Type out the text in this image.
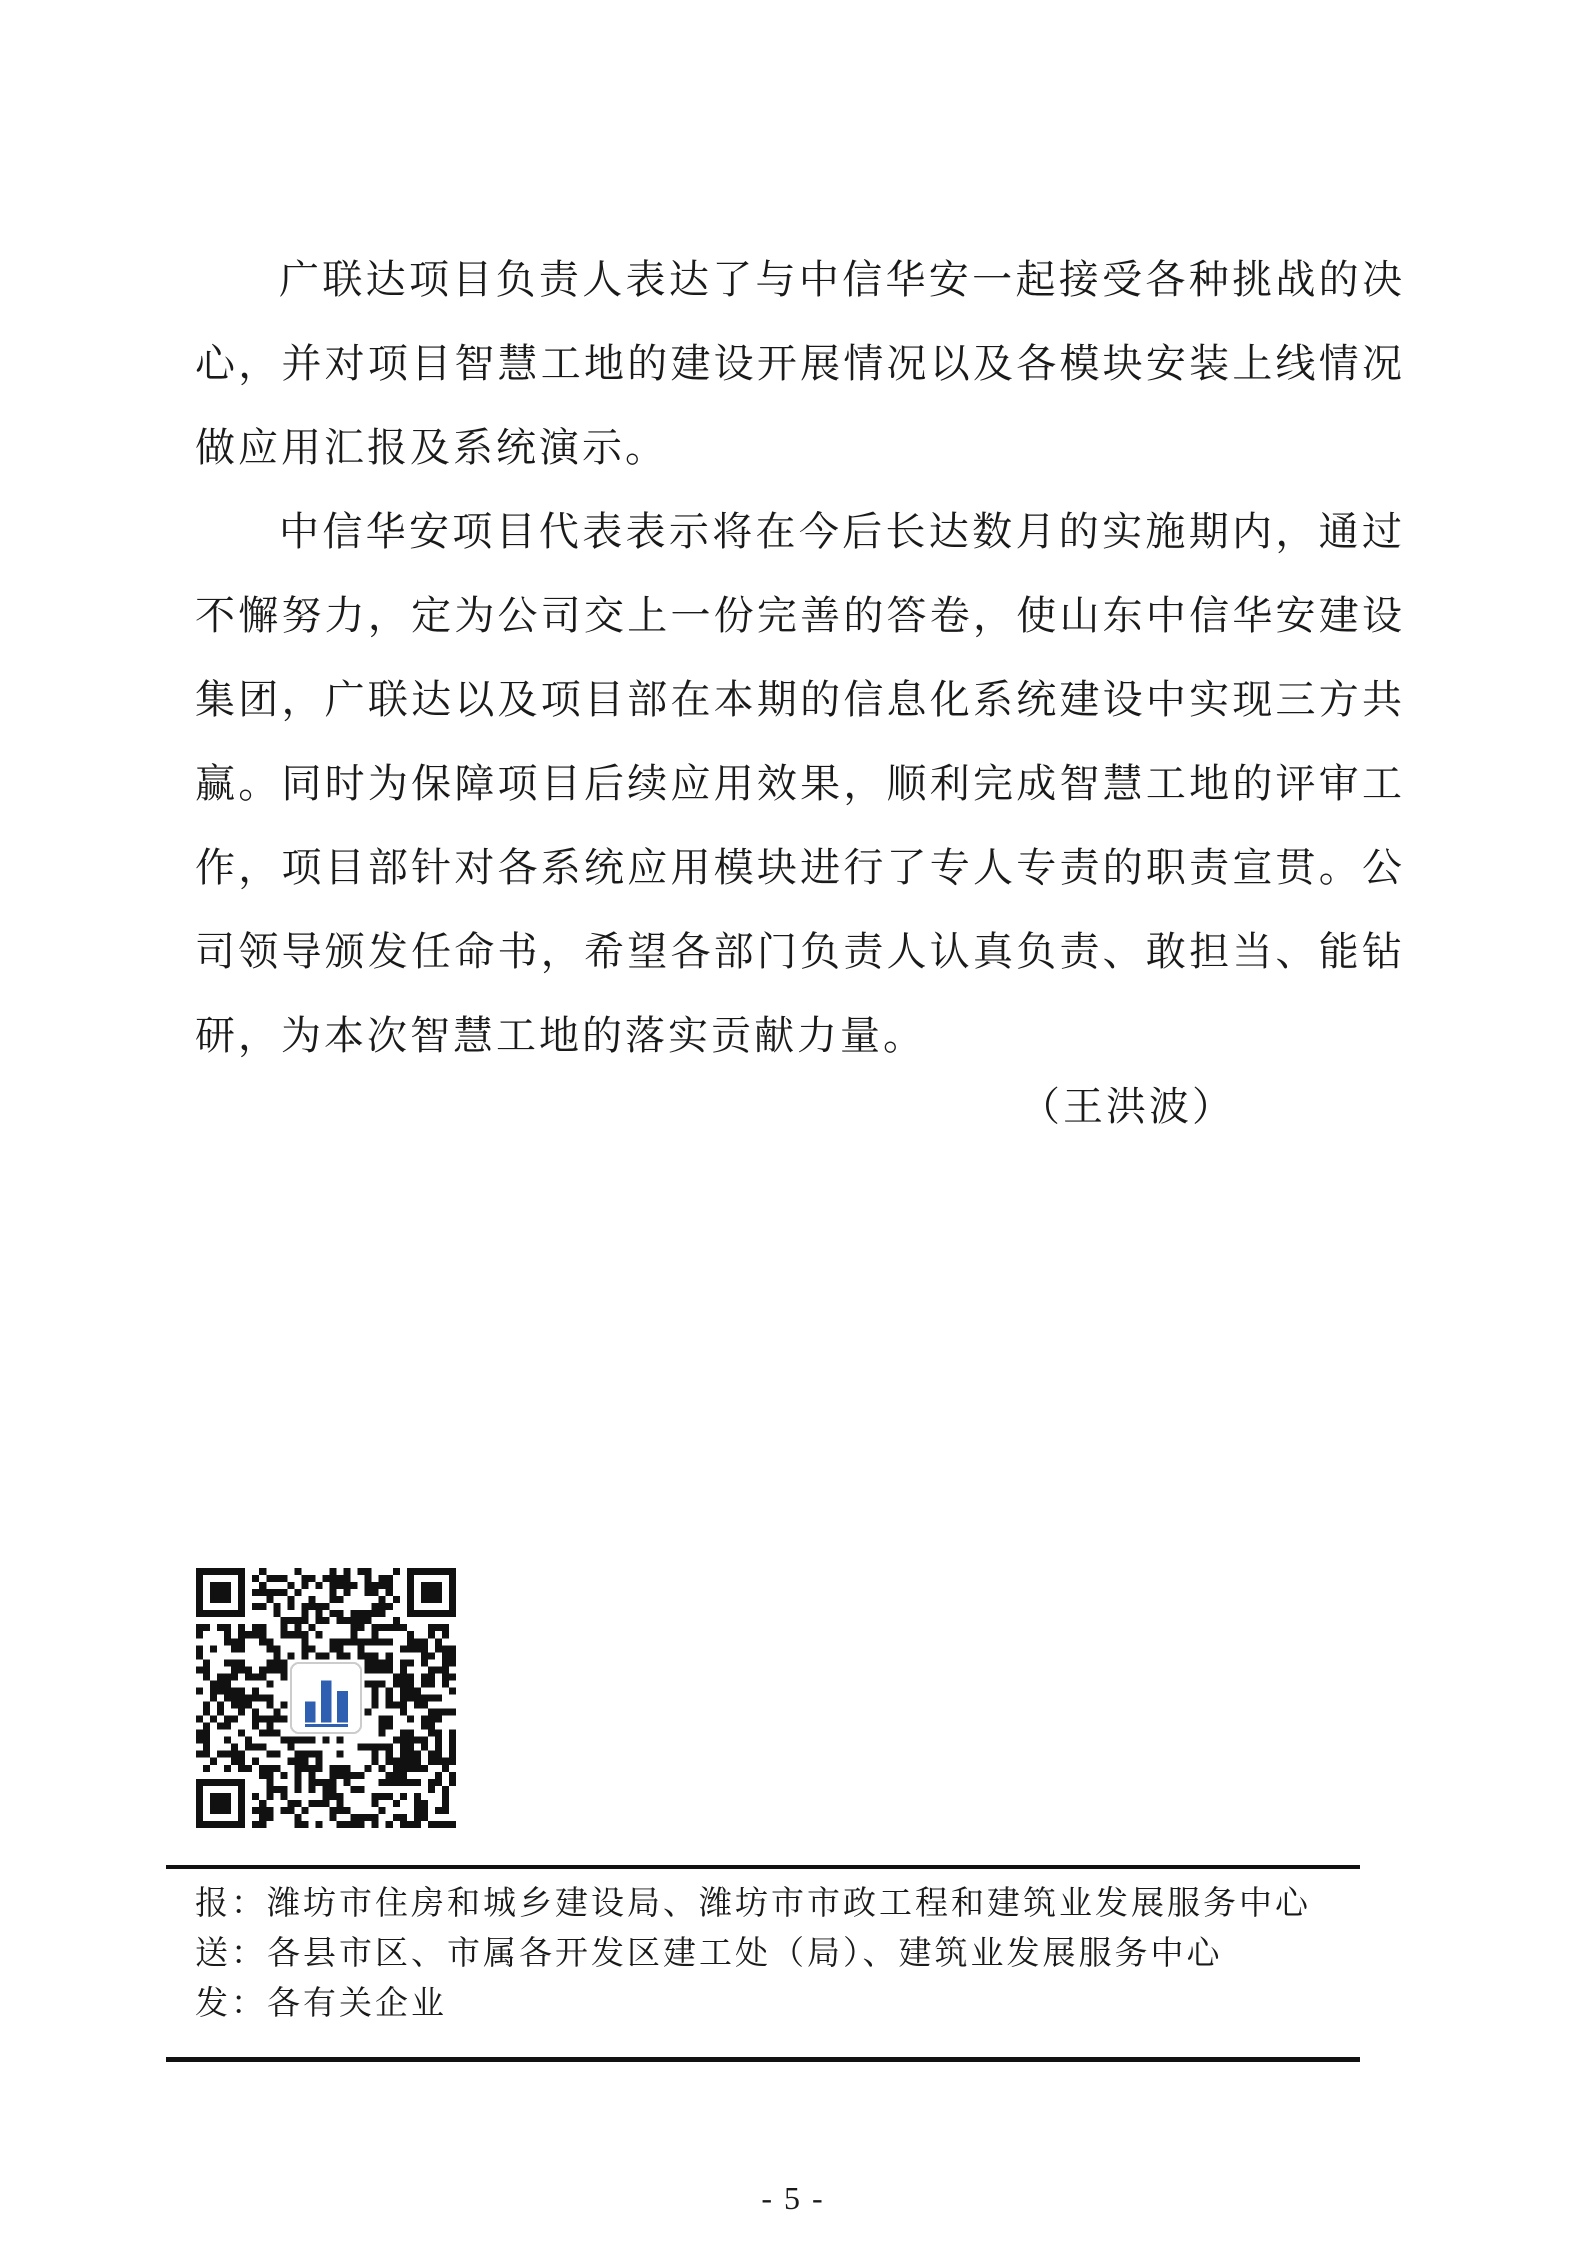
广联达项目负责人表达了与中信华安一起接受各种挑战的决心，并对项目智慧工地的建设开展情况以及各模块安装上线情况做应用汇报及系统演示。

中信华安项目代表表示将在今后长达数月的实施期内，通过不懈努力，定为公司交上一份完善的答卷，使山东中信华安建设集团，广联达以及项目部在本期的信息化系统建设中实现三方共赢。同时为保障项目后续应用效果，顺利完成智慧工地的评审工作，项目部针对各系统应用模块进行了专人专责的职责宣贯。公司领导颁发任命书，希望各部门负责人认真负责、敢担当、能钻研，为本次智慧工地的落实贡献力量。

（王洪波）

报：潍坊市住房和城乡建设局、潍坊市市政工程和建筑业发展服务中心

送：各县市区、市属各开发区建工处（局）、建筑业发展服务中心

发：各有关企业

- 5 -
